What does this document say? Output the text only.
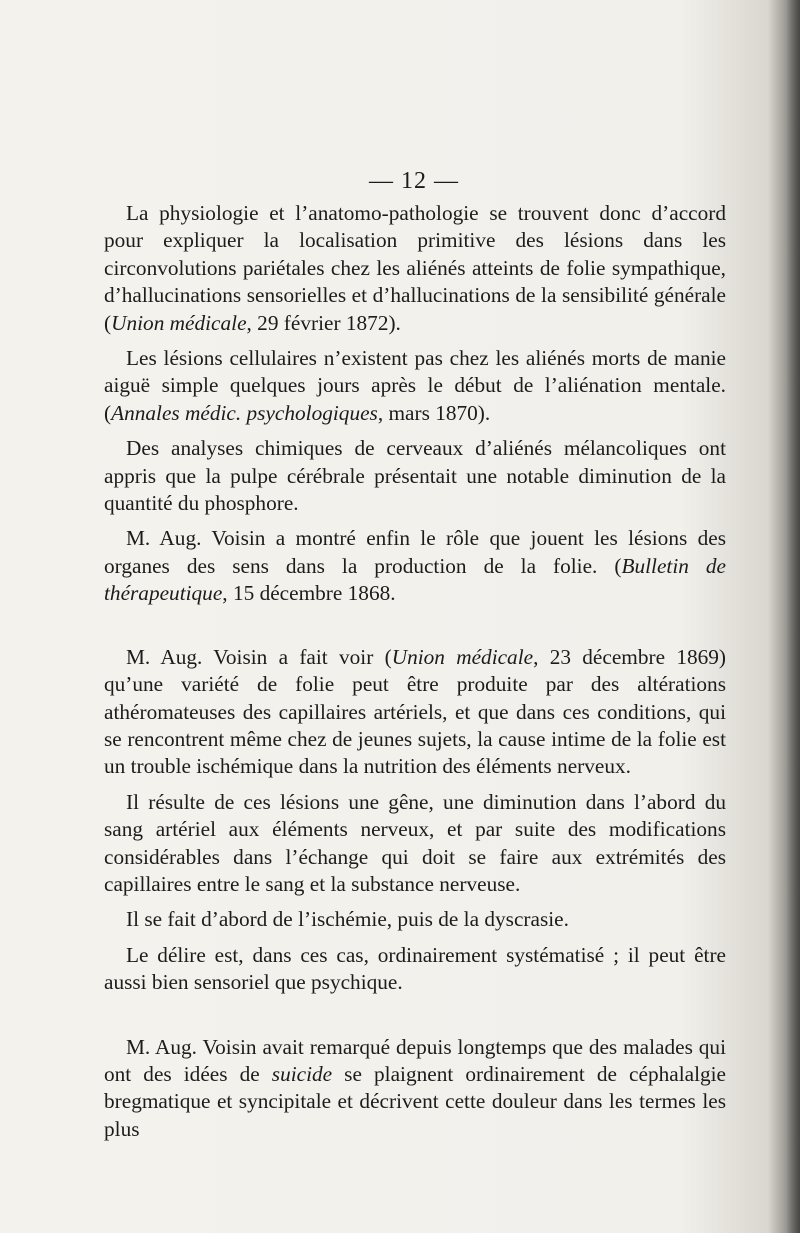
— 12 —

La physiologie et l’anatomo-pathologie se trouvent donc d’accord pour expliquer la localisation primitive des lésions dans les circonvolutions pariétales chez les aliénés atteints de folie sympathique, d’hallucinations sensorielles et d’hallucinations de la sensibilité générale (Union médicale, 29 février 1872).

Les lésions cellulaires n’existent pas chez les aliénés morts de manie aiguë simple quelques jours après le début de l’aliénation mentale. (Annales médic. psychologiques, mars 1870).

Des analyses chimiques de cerveaux d’aliénés mélancoliques ont appris que la pulpe cérébrale présentait une notable diminution de la quantité du phosphore.

M. Aug. Voisin a montré enfin le rôle que jouent les lésions des organes des sens dans la production de la folie. (Bulletin de thérapeutique, 15 décembre 1868.

M. Aug. Voisin a fait voir (Union médicale, 23 décembre 1869) qu’une variété de folie peut être produite par des altérations athéromateuses des capillaires artériels, et que dans ces conditions, qui se rencontrent même chez de jeunes sujets, la cause intime de la folie est un trouble ischémique dans la nutrition des éléments nerveux.

Il résulte de ces lésions une gêne, une diminution dans l’abord du sang artériel aux éléments nerveux, et par suite des modifications considérables dans l’échange qui doit se faire aux extrémités des capillaires entre le sang et la substance nerveuse.

Il se fait d’abord de l’ischémie, puis de la dyscrasie.

Le délire est, dans ces cas, ordinairement systématisé ; il peut être aussi bien sensoriel que psychique.

M. Aug. Voisin avait remarqué depuis longtemps que des malades qui ont des idées de suicide se plaignent ordinairement de céphalalgie bregmatique et syncipitale et décrivent cette douleur dans les termes les plus
